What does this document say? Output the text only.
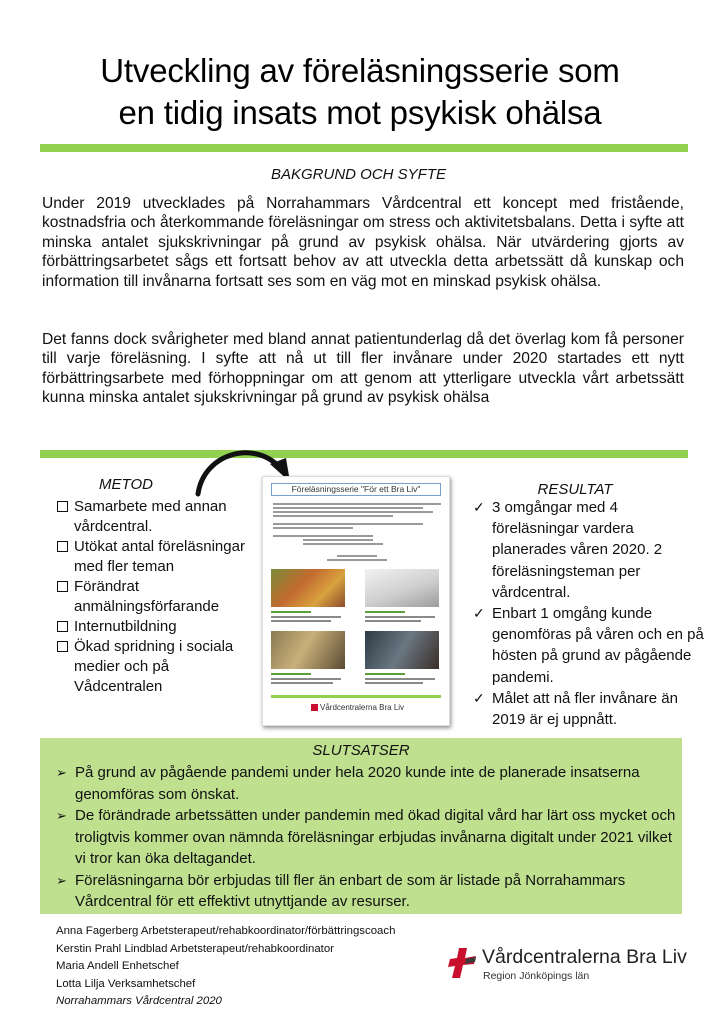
Utveckling av föreläsningsserie som
en tidig insats mot psykisk ohälsa
BAKGRUND OCH SYFTE

Under 2019 utvecklades på Norrahammars Vårdcentral ett koncept med fristående, kostnadsfria och återkommande föreläsningar om stress och aktivitetsbalans. Detta i syfte att minska antalet sjukskrivningar på grund av psykisk ohälsa. När utvärdering gjorts av förbättringsarbetet sågs ett fortsatt behov av att utveckla detta arbetssätt då kunskap och information till invånarna fortsatt ses som en väg mot en minskad psykisk ohälsa.

Det fanns dock svårigheter med bland annat patientunderlag då det överlag kom få personer till varje föreläsning. I syfte att nå ut till fler invånare under 2020 startades ett nytt förbättringsarbete med förhoppningar om att genom att ytterligare utveckla vårt arbetssätt kunna minska antalet sjukskrivningar på grund av psykisk ohälsa

METOD
Samarbete med annan vårdcentral.
Utökat antal föreläsningar med fler teman
Förändrat anmälningsförfarande
Internutbildning
Ökad spridning i sociala medier och på Vådcentralen
Föreläsningsserie "För ett Bra Liv"
Vårdcentralerna Bra Liv
RESULTAT
✓ 3 omgångar med 4 föreläsningar vardera planerades våren 2020. 2 föreläsningsteman per vårdcentral.
✓ Enbart 1 omgång kunde genomföras på våren och en på hösten på grund av pågående pandemi.
✓ Målet att nå fler invånare än 2019 är ej uppnått.
SLUTSATSER
➢ På grund av pågående pandemi under hela 2020 kunde inte de planerade insatserna genomföras som önskat.
➢ De förändrade arbetssätten under pandemin med ökad digital vård har lärt oss mycket och troligtvis kommer ovan nämnda föreläsningar erbjudas invånarna digitalt under 2021 vilket vi tror kan öka deltagandet.
➢ Föreläsningarna bör erbjudas till fler än enbart de som är listade på Norrahammars Vårdcentral för ett effektivt utnyttjande av resurser.
Anna Fagerberg Arbetsterapeut/rehabkoordinator/förbättringscoach
Kerstin Prahl Lindblad Arbetsterapeut/rehabkoordinator
Maria Andell Enhetschef
Lotta Lilja Verksamhetschef
Norrahammars Vårdcentral 2020
Vårdcentralerna Bra Liv
Region Jönköpings län
